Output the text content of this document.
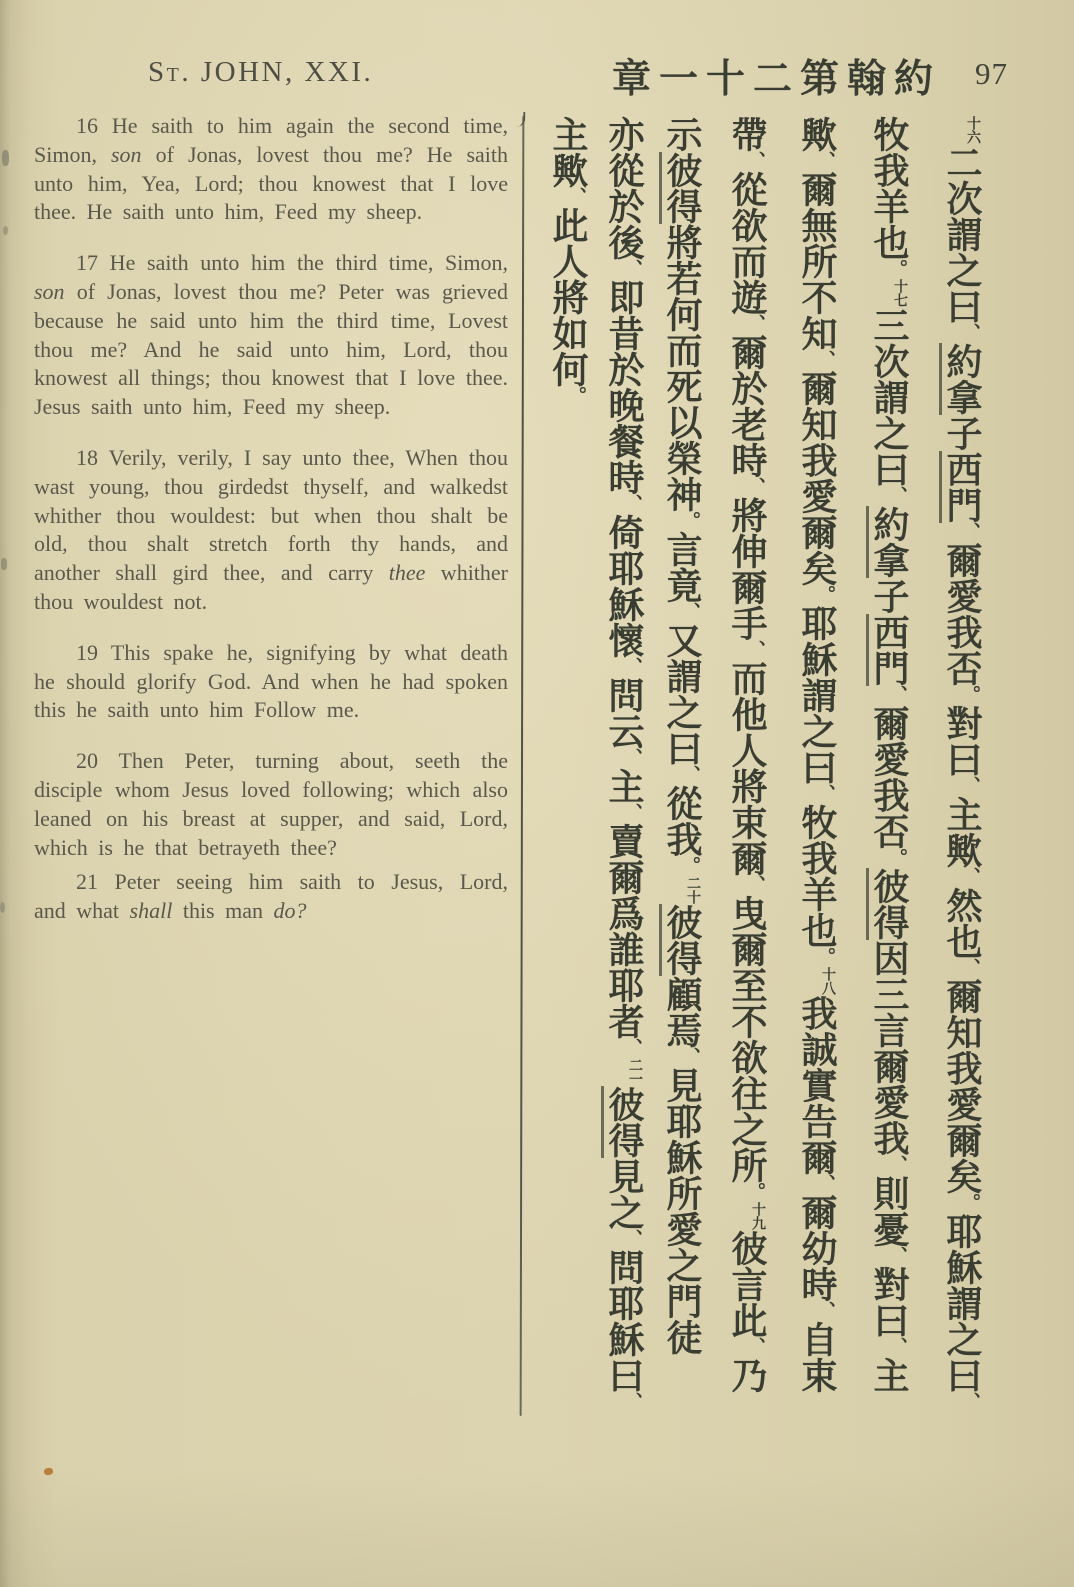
St. JOHN, XXI.	章一十二第翰約 97

16 He saith to him again the second time, Simon, son of Jonas, lovest thou me? He saith unto him, Yea, Lord; thou knowest that I love thee. He saith unto him, Feed my sheep.

17 He saith unto him the third time, Simon, son of Jonas, lovest thou me? Peter was grieved because he said unto him the third time, Lovest thou me? And he said unto him, Lord, thou knowest all things; thou knowest that I love thee. Jesus saith unto him, Feed my sheep.

18 Verily, verily, I say unto thee, When thou wast young, thou girdedst thyself, and walkedst whither thou wouldest: but when thou shalt be old, thou shalt stretch forth thy hands, and another shall gird thee, and carry thee whither thou wouldest not.

19 This spake he, signifying by what death he should glorify God. And when he had spoken this he saith unto him Follow me.

20 Then Peter, turning about, seeth the disciple whom Jesus loved following; which also leaned on his breast at supper, and said, Lord, which is he that betrayeth thee?

21 Peter seeing him saith to Jesus, Lord, and what shall this man do?

十六二次謂之曰、約拿子西門、爾愛我否。對曰、主歟、然也、爾知我愛爾矣。耶穌謂之曰、
牧我羊也。十七三次謂之曰、約拿子西門、爾愛我否。彼得因三言爾愛我、則憂、對曰、主
歟、爾無所不知、爾知我愛爾矣。耶穌謂之曰、牧我羊也。十八我誠實告爾、爾幼時、自束
帶、從欲而遊、爾於老時、將伸爾手、而他人將束爾、曳爾至不欲往之所。十九彼言此、乃
示彼得將若何而死以榮神。言竟、又謂之曰、從我。二十彼得顧焉、見耶穌所愛之門徒
亦從於後、即昔於晚餐時、倚耶穌懷、問云、主、賣爾爲誰耶者、二一彼得見之、問耶穌曰、
主歟、此人將如何。
